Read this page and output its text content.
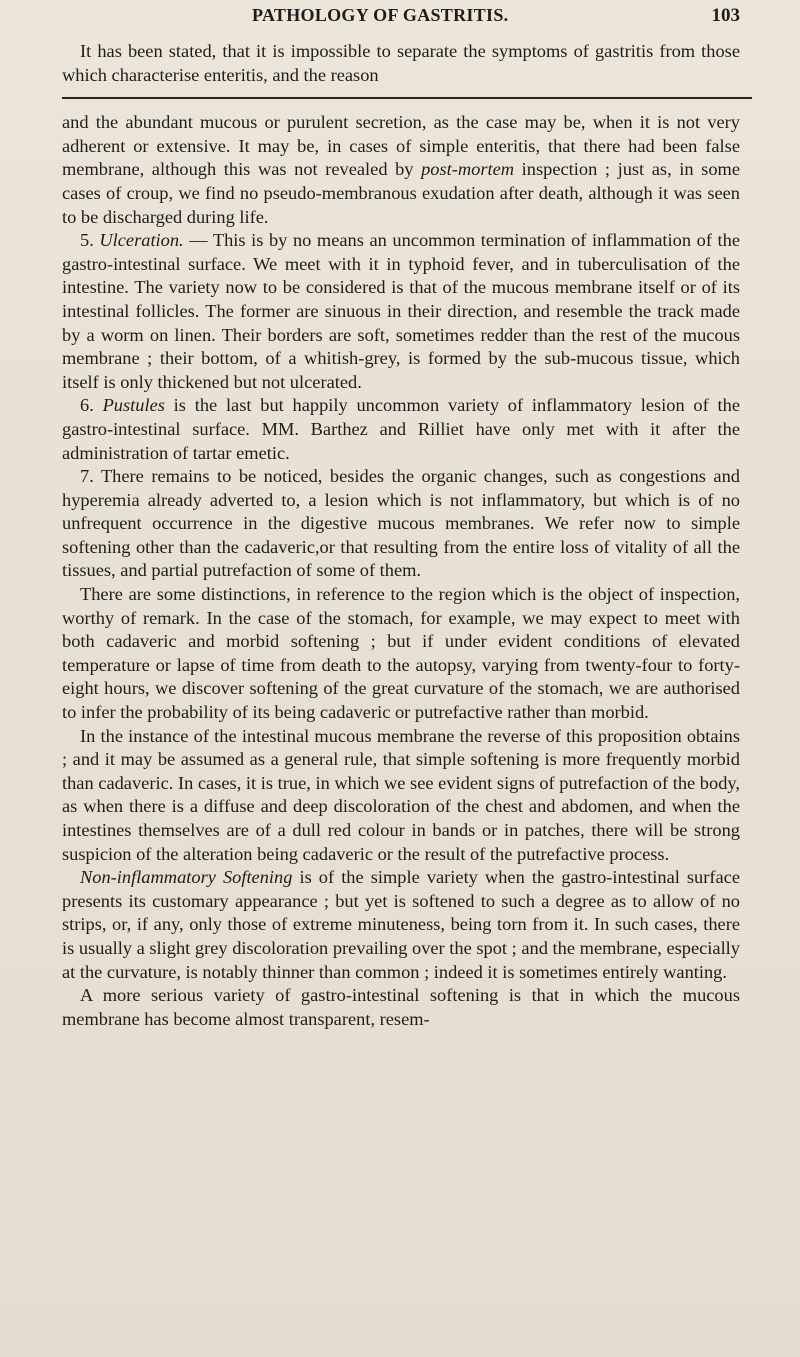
PATHOLOGY OF GASTRITIS.	103

It has been stated, that it is impossible to separate the symptoms of gastritis from those which characterise enteritis, and the reason

and the abundant mucous or purulent secretion, as the case may be, when it is not very adherent or extensive. It may be, in cases of simple enteritis, that there had been false membrane, although this was not revealed by post-mortem inspection ; just as, in some cases of croup, we find no pseudo-membranous exudation after death, although it was seen to be discharged during life.

5. Ulceration. — This is by no means an uncommon termination of inflammation of the gastro-intestinal surface. We meet with it in typhoid fever, and in tuberculisation of the intestine. The variety now to be considered is that of the mucous membrane itself or of its intestinal follicles. The former are sinuous in their direction, and resemble the track made by a worm on linen. Their borders are soft, sometimes redder than the rest of the mucous membrane ; their bottom, of a whitish-grey, is formed by the sub-mucous tissue, which itself is only thickened but not ulcerated.

6. Pustules is the last but happily uncommon variety of inflammatory lesion of the gastro-intestinal surface. MM. Barthez and Rilliet have only met with it after the administration of tartar emetic.

7. There remains to be noticed, besides the organic changes, such as congestions and hyperemia already adverted to, a lesion which is not inflammatory, but which is of no unfrequent occurrence in the digestive mucous membranes. We refer now to simple softening other than the cadaveric,or that resulting from the entire loss of vitality of all the tissues, and partial putrefaction of some of them.

There are some distinctions, in reference to the region which is the object of inspection, worthy of remark. In the case of the stomach, for example, we may expect to meet with both cadaveric and morbid softening ; but if under evident conditions of elevated temperature or lapse of time from death to the autopsy, varying from twenty-four to forty-eight hours, we discover softening of the great curvature of the stomach, we are authorised to infer the probability of its being cadaveric or putrefactive rather than morbid.

In the instance of the intestinal mucous membrane the reverse of this proposition obtains ; and it may be assumed as a general rule, that simple softening is more frequently morbid than cadaveric. In cases, it is true, in which we see evident signs of putrefaction of the body, as when there is a diffuse and deep discoloration of the chest and abdomen, and when the intestines themselves are of a dull red colour in bands or in patches, there will be strong suspicion of the alteration being cadaveric or the result of the putrefactive process.

Non-inflammatory Softening is of the simple variety when the gastro-intestinal surface presents its customary appearance ; but yet is softened to such a degree as to allow of no strips, or, if any, only those of extreme minuteness, being torn from it. In such cases, there is usually a slight grey discoloration prevailing over the spot ; and the membrane, especially at the curvature, is notably thinner than common ; indeed it is sometimes entirely wanting.

A more serious variety of gastro-intestinal softening is that in which the mucous membrane has become almost transparent, resem-
